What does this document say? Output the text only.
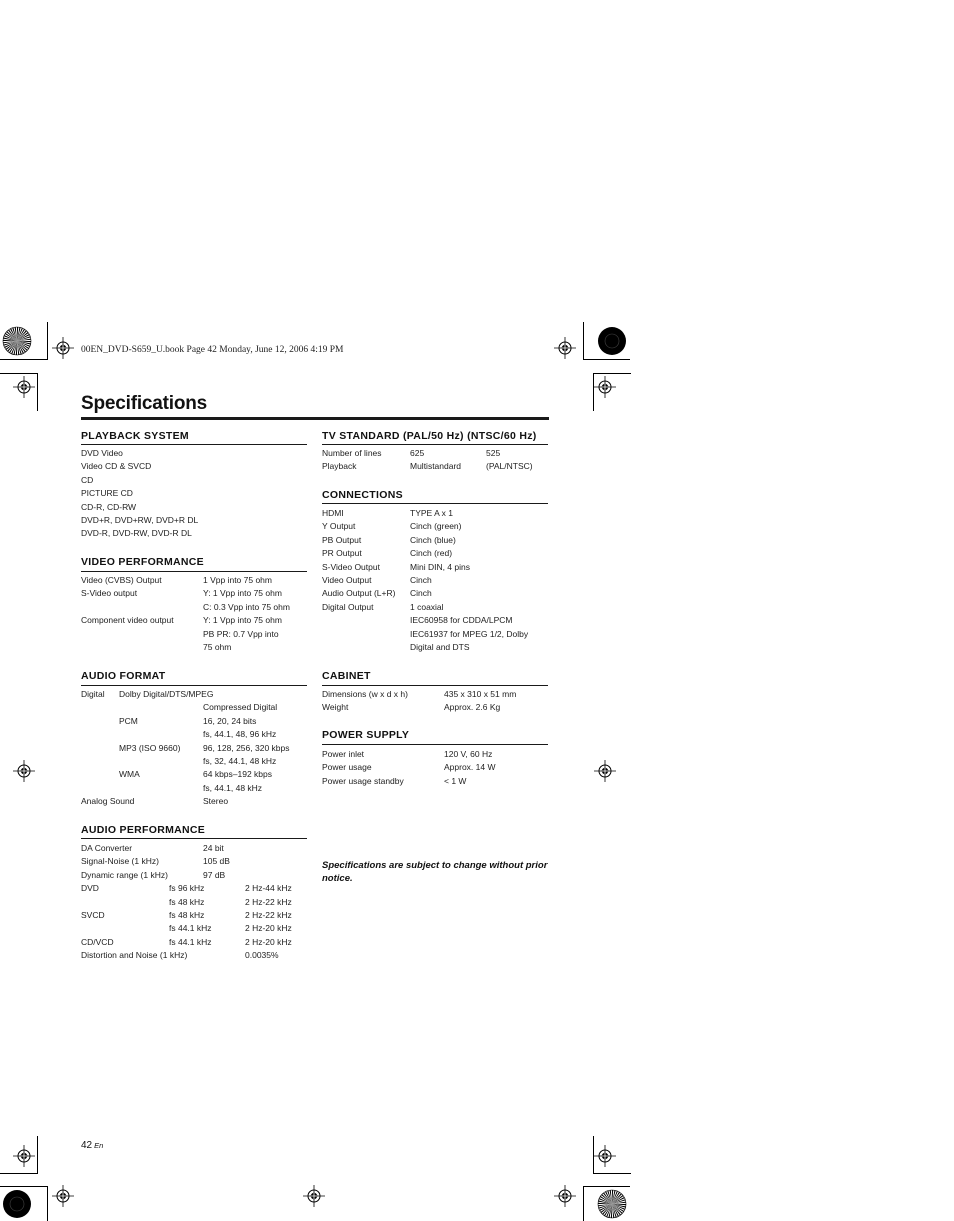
00EN_DVD-S659_U.book Page 42 Monday, June 12, 2006 4:19 PM
Specifications
PLAYBACK SYSTEM
DVD Video
Video CD & SVCD
CD
PICTURE CD
CD-R, CD-RW
DVD+R, DVD+RW, DVD+R DL
DVD-R, DVD-RW, DVD-R DL
VIDEO PERFORMANCE
Video (CVBS) Output	1 Vpp into 75 ohm
S-Video output	Y: 1 Vpp into 75 ohm
C: 0.3 Vpp into 75 ohm
Component video output	Y: 1 Vpp into 75 ohm
PB PR: 0.7 Vpp into
75 ohm
AUDIO FORMAT
Digital Dolby Digital/DTS/MPEG
Compressed Digital
PCM	16, 20, 24 bits
fs, 44.1, 48, 96 kHz
MP3 (ISO 9660)	96, 128, 256, 320 kbps
fs, 32, 44.1, 48 kHz
WMA	64 kbps–192 kbps
fs, 44.1, 48 kHz
Analog Sound	Stereo
AUDIO PERFORMANCE
DA Converter	24 bit
Signal-Noise (1 kHz)	105 dB
Dynamic range (1 kHz)	97 dB
DVD	fs 96 kHz	2 Hz-44 kHz
fs 48 kHz	2 Hz-22 kHz
SVCD	fs 48 kHz	2 Hz-22 kHz
fs 44.1 kHz	2 Hz-20 kHz
CD/VCD	fs 44.1 kHz	2 Hz-20 kHz
Distortion and Noise (1 kHz)	0.0035%
TV STANDARD (PAL/50 Hz) (NTSC/60 Hz)
Number of lines	625	525
Playback	Multistandard	(PAL/NTSC)
CONNECTIONS
HDMI	TYPE A x 1
Y Output	Cinch (green)
PB Output	Cinch (blue)
PR Output	Cinch (red)
S-Video Output	Mini DIN, 4 pins
Video Output	Cinch
Audio Output (L+R) Cinch
Digital Output	1 coaxial
IEC60958 for CDDA/LPCM
IEC61937 for MPEG 1/2, Dolby
Digital and DTS
CABINET
Dimensions (w x d x h)	435 x 310 x 51 mm
Weight	Approx. 2.6 Kg
POWER SUPPLY
Power inlet	120 V, 60 Hz
Power usage	Approx. 14 W
Power usage standby	< 1 W
Specifications are subject to change without prior notice.
42 En
